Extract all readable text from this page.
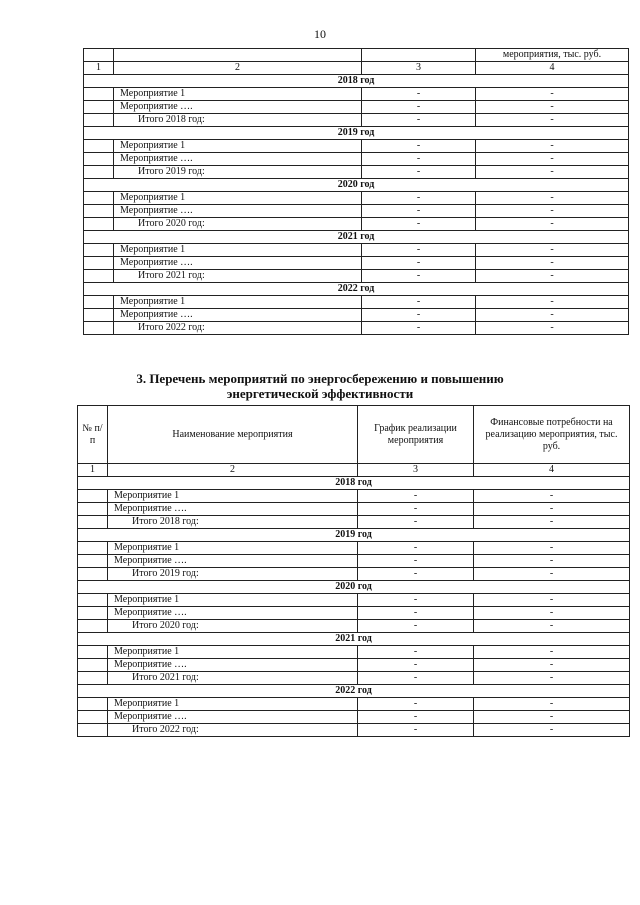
10
			мероприятия, тыс. руб.
1	2	3	4
2018 год			
	Мероприятие 1	-	-
	Мероприятие ….	-	-
	Итого 2018 год:	-	-
2019 год			
	Мероприятие 1	-	-
	Мероприятие ….	-	-
	Итого 2019 год:	-	-
2020 год			
	Мероприятие 1	-	-
	Мероприятие ….	-	-
	Итого 2020 год:	-	-
2021 год			
	Мероприятие 1	-	-
	Мероприятие ….	-	-
	Итого 2021 год:	-	-
2022 год			
	Мероприятие 1	-	-
	Мероприятие ….	-	-
	Итого 2022 год:	-	-
3. Перечень мероприятий по энергосбережению и повышению
энергетической эффективности
№ п/п	Наименование мероприятия	График реализации мероприятия	Финансовые потребности на реализацию мероприятия, тыс. руб.
1	2	3	4
2018 год			
	Мероприятие 1	-	-
	Мероприятие ….	-	-
	Итого 2018 год:	-	-
2019 год			
	Мероприятие 1	-	-
	Мероприятие ….	-	-
	Итого 2019 год:	-	-
2020 год			
	Мероприятие 1	-	-
	Мероприятие ….	-	-
	Итого 2020 год:	-	-
2021 год			
	Мероприятие 1	-	-
	Мероприятие ….	-	-
	Итого 2021 год:	-	-
2022 год			
	Мероприятие 1	-	-
	Мероприятие ….	-	-
	Итого 2022 год:	-	-
